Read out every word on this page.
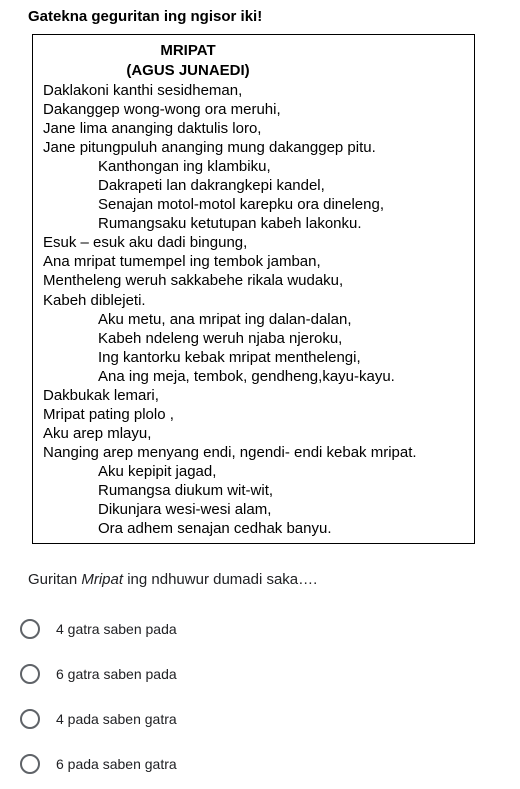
Gatekna geguritan ing ngisor iki!
MRIPAT
(AGUS JUNAEDI)
Daklakoni kanthi sesidheman,
Dakanggep wong-wong ora meruhi,
Jane lima ananging daktulis loro,
Jane pitungpuluh ananging mung dakanggep pitu.
Kanthongan ing klambiku,
Dakrapeti lan dakrangkepi kandel,
Senajan motol-motol karepku ora dineleng,
Rumangsaku ketutupan kabeh lakonku.
Esuk – esuk aku dadi bingung,
Ana mripat tumempel ing tembok jamban,
Mentheleng weruh sakkabehe rikala wudaku,
Kabeh diblejeti.
Aku metu, ana mripat ing dalan-dalan,
Kabeh ndeleng weruh njaba njeroku,
Ing kantorku kebak mripat menthelengi,
Ana ing meja, tembok, gendheng,kayu-kayu.
Dakbukak lemari,
Mripat pating plolo ,
Aku arep mlayu,
Nanging arep menyang endi, ngendi- endi kebak mripat.
Aku kepipit jagad,
Rumangsa diukum wit-wit,
Dikunjara wesi-wesi alam,
Ora adhem senajan cedhak banyu.
Guritan Mripat ing ndhuwur dumadi saka….
4 gatra saben pada
6 gatra saben pada
4 pada saben gatra
6 pada saben gatra
